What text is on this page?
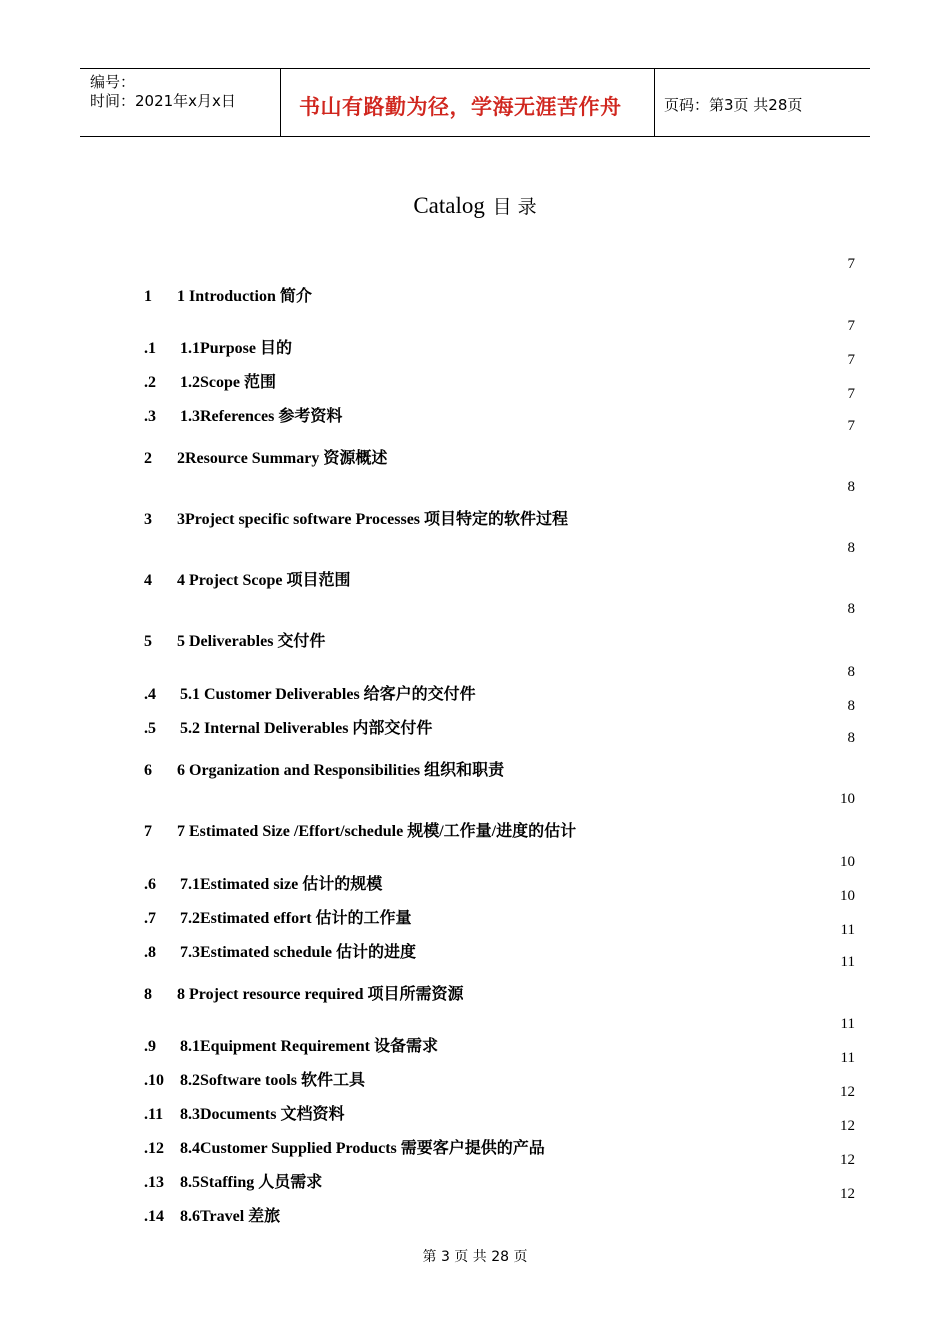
编号：
时间：2021年x月x日	书山有路勤为径，学海无涯苦作舟	页码：第3页 共28页
Catalog 目 录
1 1 Introduction 简介
7
.1 1.1Purpose 目的
7
.2 1.2Scope 范围
7
.3 1.3References 参考资料
7
2 2Resource Summary 资源概述
7
3 3Project specific software Processes 项目特定的软件过程
8
4 4 Project Scope 项目范围
8
5 5 Deliverables 交付件
8
.4 5.1 Customer Deliverables 给客户的交付件
8
.5 5.2 Internal Deliverables 内部交付件
8
6 6 Organization and Responsibilities 组织和职责
8
7 7 Estimated Size /Effort/schedule 规模/工作量/进度的估计
10
.6 7.1Estimated size 估计的规模
10
.7 7.2Estimated effort 估计的工作量
10
.8 7.3Estimated schedule 估计的进度
11
8 8 Project resource required 项目所需资源
11
.9 8.1Equipment Requirement 设备需求
11
.10 8.2Software tools 软件工具
11
.11 8.3Documents 文档资料
12
.12 8.4Customer Supplied Products 需要客户提供的产品
12
.13 8.5Staffing 人员需求
12
.14 8.6Travel 差旅
12
第 3 页 共 28 页
